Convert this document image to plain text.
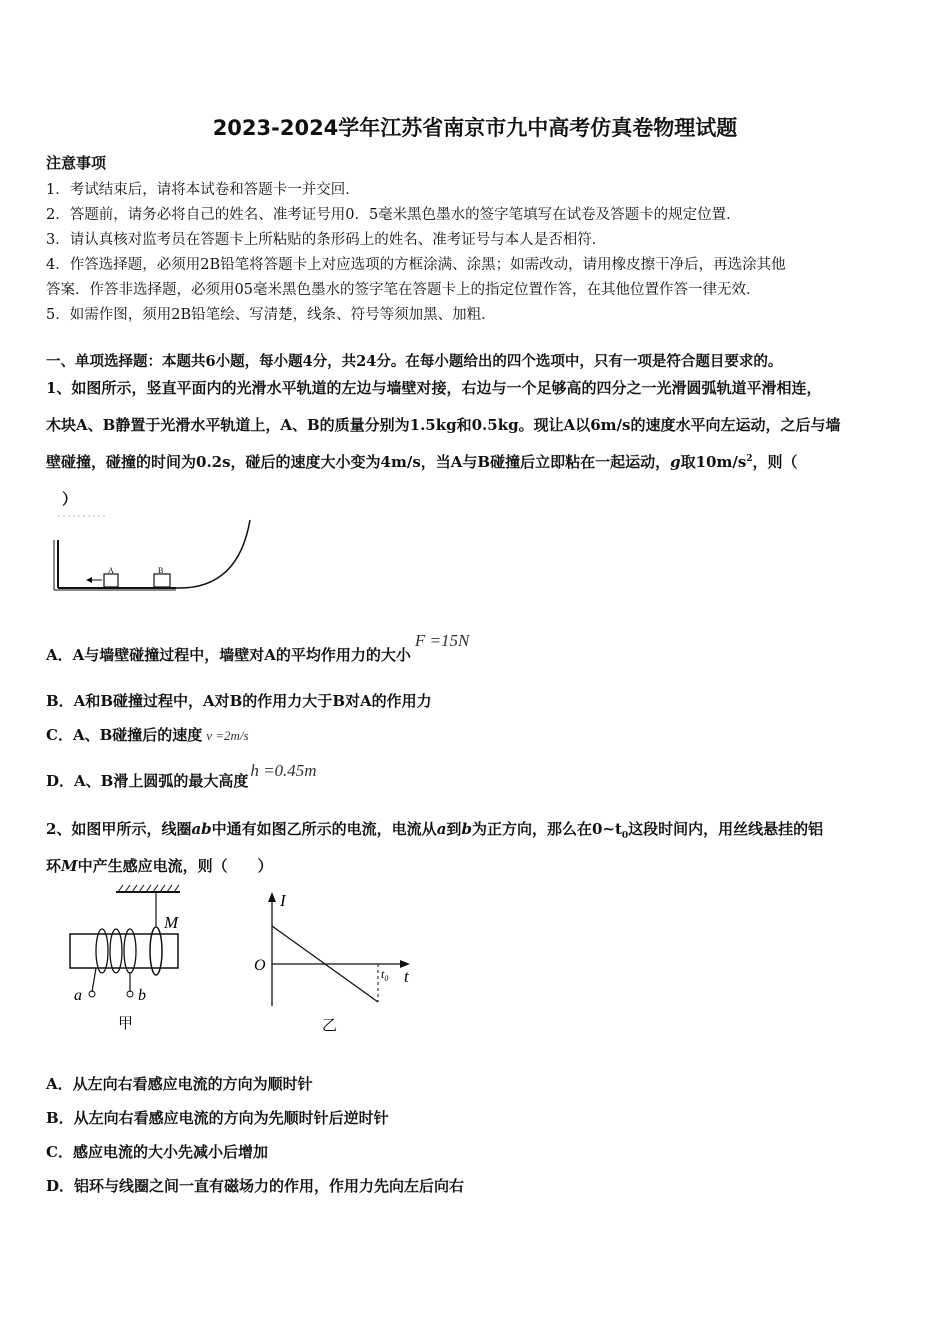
2023-2024学年江苏省南京市九中高考仿真卷物理试题
注意事项
1．考试结束后，请将本试卷和答题卡一并交回．
2．答题前，请务必将自己的姓名、准考证号用0．5毫米黑色墨水的签字笔填写在试卷及答题卡的规定位置．
3．请认真核对监考员在答题卡上所粘贴的条形码上的姓名、准考证号与本人是否相符．
4．作答选择题，必须用2B铅笔将答题卡上对应选项的方框涂满、涂黑；如需改动，请用橡皮擦干净后，再选涂其他
答案．作答非选择题，必须用05毫米黑色墨水的签字笔在答题卡上的指定位置作答，在其他位置作答一律无效．
5．如需作图，须用2B铅笔绘、写清楚，线条、符号等须加黑、加粗．
一、单项选择题：本题共6小题，每小题4分，共24分。在每小题给出的四个选项中，只有一项是符合题目要求的。
1、如图所示，竖直平面内的光滑水平轨道的左边与墙壁对接，右边与一个足够高的四分之一光滑圆弧轨道平滑相连，
木块A、B静置于光滑水平轨道上，A、B的质量分别为1.5kg和0.5kg。现让A以6m/s的速度水平向左运动，之后与墙
壁碰撞，碰撞的时间为0.2s，碰后的速度大小变为4m/s，当A与B碰撞后立即粘在一起运动，g取$10m/s^2$，则（
）
A	B
A．A与墙壁碰撞过程中，墙壁对A的平均作用力的大小F =15N
B．A和B碰撞过程中，A对B的作用力大于B对A的作用力
C．A、B碰撞后的速度 v =2m/s
D．A、B滑上圆弧的最大高度h =0.45m
2、如图甲所示，线圈ab中通有如图乙所示的电流，电流从a到b为正方向，那么在$0\sim t_0$这段时间内，用丝线悬挂的铝
环M中产生感应电流，则（　　）
M
a	b
甲
I
t
O	$t_0$
乙
A．从左向右看感应电流的方向为顺时针
B．从左向右看感应电流的方向为先顺时针后逆时针
C．感应电流的大小先减小后增加
D．铝环与线圈之间一直有磁场力的作用，作用力先向左后向右
